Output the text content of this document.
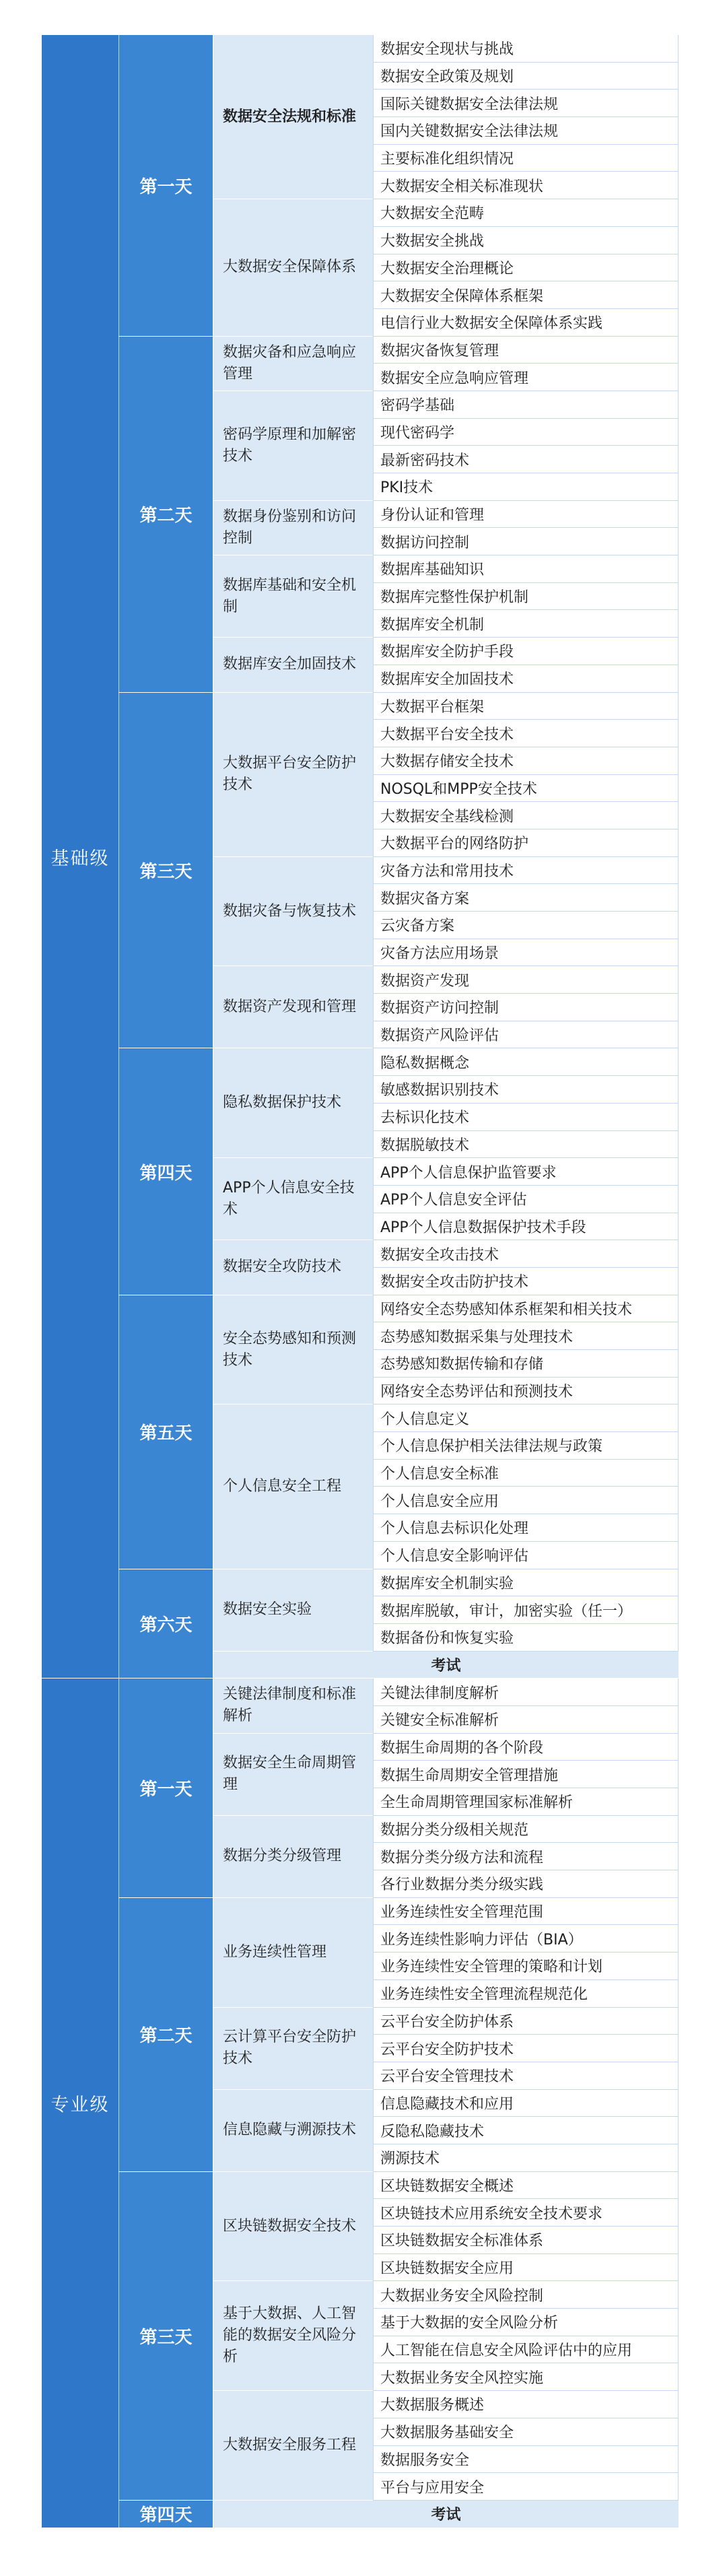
数据安全法规和标准
数据安全现状与挑战
数据安全政策及规划
国际关键数据安全法律法规
国内关键数据安全法律法规
主要标准化组织情况
大数据安全相关标准现状
大数据安全保障体系
大数据安全范畴
大数据安全挑战
大数据安全治理概论
大数据安全保障体系框架
电信行业大数据安全保障体系实践
第一天
数据灾备和应急响应管理
数据灾备恢复管理
数据安全应急响应管理
密码学原理和加解密技术
密码学基础
现代密码学
最新密码技术
PKI技术
数据身份鉴别和访问控制
身份认证和管理
数据访问控制
数据库基础和安全机制
数据库基础知识
数据库完整性保护机制
数据库安全机制
数据库安全加固技术
数据库安全防护手段
数据库安全加固技术
第二天
大数据平台安全防护技术
大数据平台框架
大数据平台安全技术
大数据存储安全技术
NOSQL和MPP安全技术
大数据安全基线检测
大数据平台的网络防护
数据灾备与恢复技术
灾备方法和常用技术
数据灾备方案
云灾备方案
灾备方法应用场景
数据资产发现和管理
数据资产发现
数据资产访问控制
数据资产风险评估
第三天
隐私数据保护技术
隐私数据概念
敏感数据识别技术
去标识化技术
数据脱敏技术
APP个人信息安全技术
APP个人信息保护监管要求
APP个人信息安全评估
APP个人信息数据保护技术手段
数据安全攻防技术
数据安全攻击技术
数据安全攻击防护技术
第四天
安全态势感知和预测技术
网络安全态势感知体系框架和相关技术
态势感知数据采集与处理技术
态势感知数据传输和存储
网络安全态势评估和预测技术
个人信息安全工程
个人信息定义
个人信息保护相关法律法规与政策
个人信息安全标准
个人信息安全应用
个人信息去标识化处理
个人信息安全影响评估
第五天
数据安全实验
数据库安全机制实验
数据库脱敏，审计，加密实验（任一）
数据备份和恢复实验
考试
第六天
基础级
关键法律制度和标准解析
关键法律制度解析
关键安全标准解析
数据安全生命周期管理
数据生命周期的各个阶段
数据生命周期安全管理措施
全生命周期管理国家标准解析
数据分类分级管理
数据分类分级相关规范
数据分类分级方法和流程
各行业数据分类分级实践
第一天
业务连续性管理
业务连续性安全管理范围
业务连续性影响力评估（BIA）
业务连续性安全管理的策略和计划
业务连续性安全管理流程规范化
云计算平台安全防护技术
云平台安全防护体系
云平台安全防护技术
云平台安全管理技术
信息隐藏与溯源技术
信息隐藏技术和应用
反隐私隐藏技术
溯源技术
第二天
区块链数据安全技术
区块链数据安全概述
区块链技术应用系统安全技术要求
区块链数据安全标准体系
区块链数据安全应用
基于大数据、人工智能的数据安全风险分析
大数据业务安全风险控制
基于大数据的安全风险分析
人工智能在信息安全风险评估中的应用
大数据业务安全风控实施
大数据安全服务工程
大数据服务概述
大数据服务基础安全
数据服务安全
平台与应用安全
第三天
考试
第四天
专业级
